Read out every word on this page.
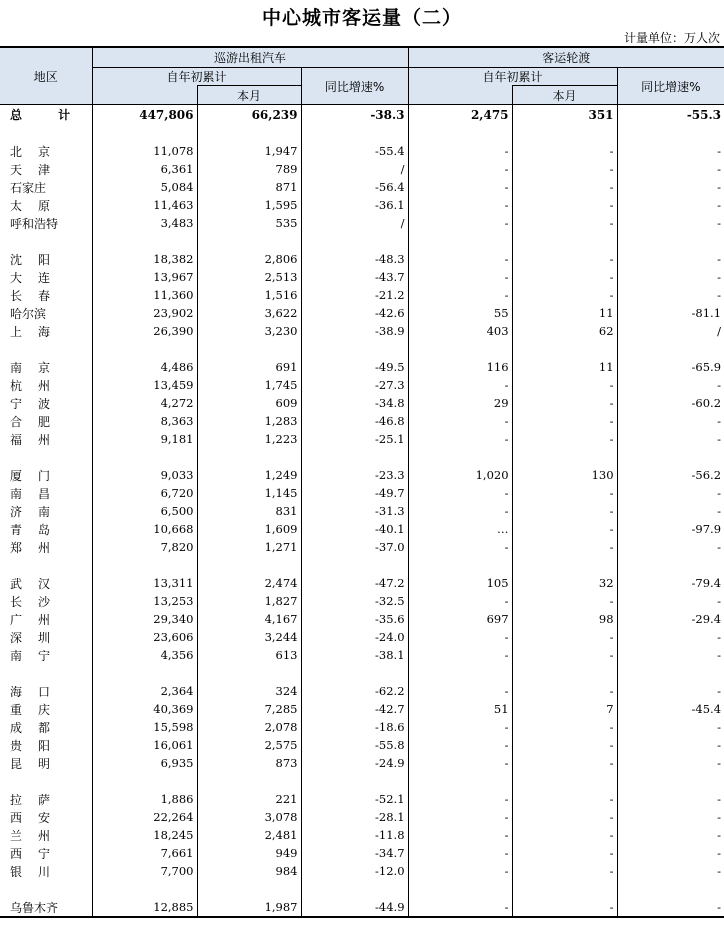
中心城市客运量（二）
计量单位：万人次
地区	巡游出租汽车			客运轮渡		
	自年初累计		同比增速%	自年初累计		同比增速%
		本月			本月	
总 计	447,806	66,239	-38.3	2,475	351	-55.3

北京	11,078	1,947	-55.4	-	-	-
天津	6,361	789	/	-	-	-
石家庄	5,084	871	-56.4	-	-	-
太原	11,463	1,595	-36.1	-	-	-
呼和浩特	3,483	535	/	-	-	-

沈阳	18,382	2,806	-48.3	-	-	-
大连	13,967	2,513	-43.7	-	-	-
长春	11,360	1,516	-21.2	-	-	-
哈尔滨	23,902	3,622	-42.6	55	11	-81.1
上海	26,390	3,230	-38.9	403	62	/

南京	4,486	691	-49.5	116	11	-65.9
杭州	13,459	1,745	-27.3	-	-	-
宁波	4,272	609	-34.8	29	-	-60.2
合肥	8,363	1,283	-46.8	-	-	-
福州	9,181	1,223	-25.1	-	-	-

厦门	9,033	1,249	-23.3	1,020	130	-56.2
南昌	6,720	1,145	-49.7	-	-	-
济南	6,500	831	-31.3	-	-	-
青岛	10,668	1,609	-40.1	…	-	-97.9
郑州	7,820	1,271	-37.0	-	-	-

武汉	13,311	2,474	-47.2	105	32	-79.4
长沙	13,253	1,827	-32.5	-	-	-
广州	29,340	4,167	-35.6	697	98	-29.4
深圳	23,606	3,244	-24.0	-	-	-
南宁	4,356	613	-38.1	-	-	-

海口	2,364	324	-62.2	-	-	-
重庆	40,369	7,285	-42.7	51	7	-45.4
成都	15,598	2,078	-18.6	-	-	-
贵阳	16,061	2,575	-55.8	-	-	-
昆明	6,935	873	-24.9	-	-	-

拉萨	1,886	221	-52.1	-	-	-
西安	22,264	3,078	-28.1	-	-	-
兰州	18,245	2,481	-11.8	-	-	-
西宁	7,661	949	-34.7	-	-	-
银川	7,700	984	-12.0	-	-	-

乌鲁木齐	12,885	1,987	-44.9	-	-	-
